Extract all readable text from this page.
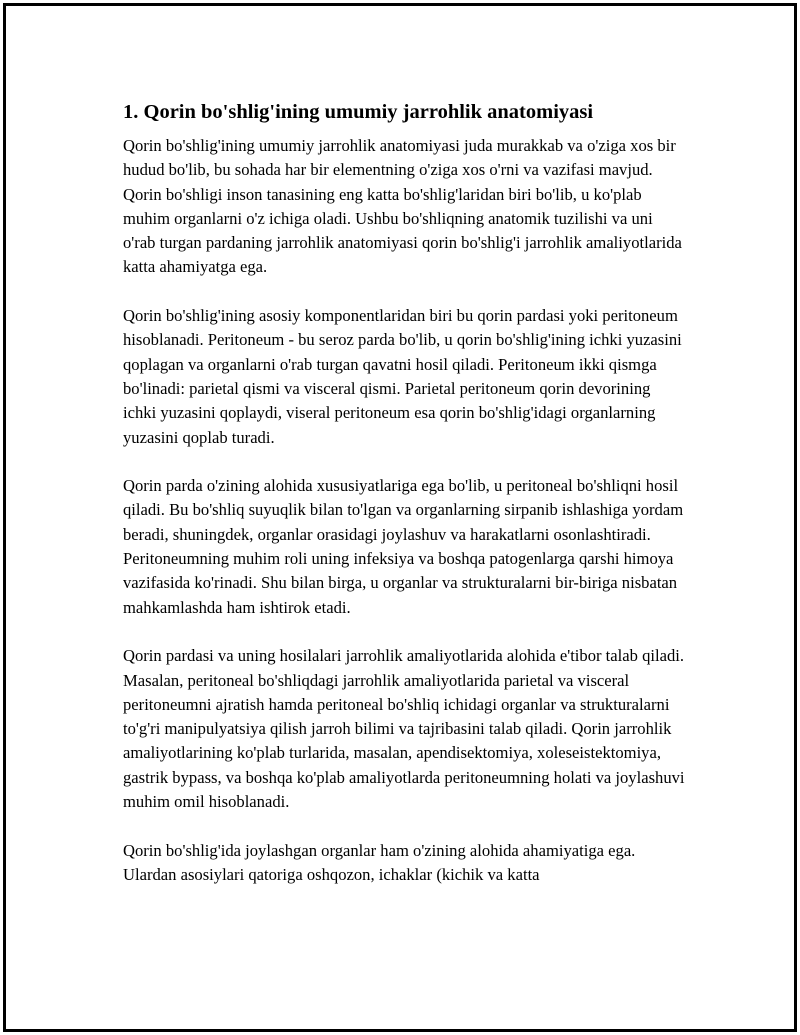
1. Qorin bo'shlig'ining umumiy jarrohlik anatomiyasi

Qorin bo'shlig'ining umumiy jarrohlik anatomiyasi juda murakkab va o'ziga xos bir hudud bo'lib, bu sohada har bir elementning o'ziga xos o'rni va vazifasi mavjud. Qorin bo'shligi inson tanasining eng katta bo'shlig'laridan biri bo'lib, u ko'plab muhim organlarni o'z ichiga oladi. Ushbu bo'shliqning anatomik tuzilishi va uni o'rab turgan pardaning jarrohlik anatomiyasi qorin bo'shlig'i jarrohlik amaliyotlarida katta ahamiyatga ega.

Qorin bo'shlig'ining asosiy komponentlaridan biri bu qorin pardasi yoki peritoneum hisoblanadi. Peritoneum - bu seroz parda bo'lib, u qorin bo'shlig'ining ichki yuzasini qoplagan va organlarni o'rab turgan qavatni hosil qiladi. Peritoneum ikki qismga bo'linadi: parietal qismi va visceral qismi. Parietal peritoneum qorin devorining ichki yuzasini qoplaydi, viseral peritoneum esa qorin bo'shlig'idagi organlarning yuzasini qoplab turadi.

Qorin parda o'zining alohida xususiyatlariga ega bo'lib, u peritoneal bo'shliqni hosil qiladi. Bu bo'shliq suyuqlik bilan to'lgan va organlarning sirpanib ishlashiga yordam beradi, shuningdek, organlar orasidagi joylashuv va harakatlarni osonlashtiradi. Peritoneumning muhim roli uning infeksiya va boshqa patogenlarga qarshi himoya vazifasida ko'rinadi. Shu bilan birga, u organlar va strukturalarni bir-biriga nisbatan mahkamlashda ham ishtirok etadi.

Qorin pardasi va uning hosilalari jarrohlik amaliyotlarida alohida e'tibor talab qiladi. Masalan, peritoneal bo'shliqdagi jarrohlik amaliyotlarida parietal va visceral peritoneumni ajratish hamda peritoneal bo'shliq ichidagi organlar va strukturalarni to'g'ri manipulyatsiya qilish jarroh bilimi va tajribasini talab qiladi. Qorin jarrohlik amaliyotlarining ko'plab turlarida, masalan, apendisektomiya, xoleseistektomiya, gastrik bypass, va boshqa ko'plab amaliyotlarda peritoneumning holati va joylashuvi muhim omil hisoblanadi.

Qorin bo'shlig'ida joylashgan organlar ham o'zining alohida ahamiyatiga ega. Ulardan asosiylari qatoriga oshqozon, ichaklar (kichik va katta
